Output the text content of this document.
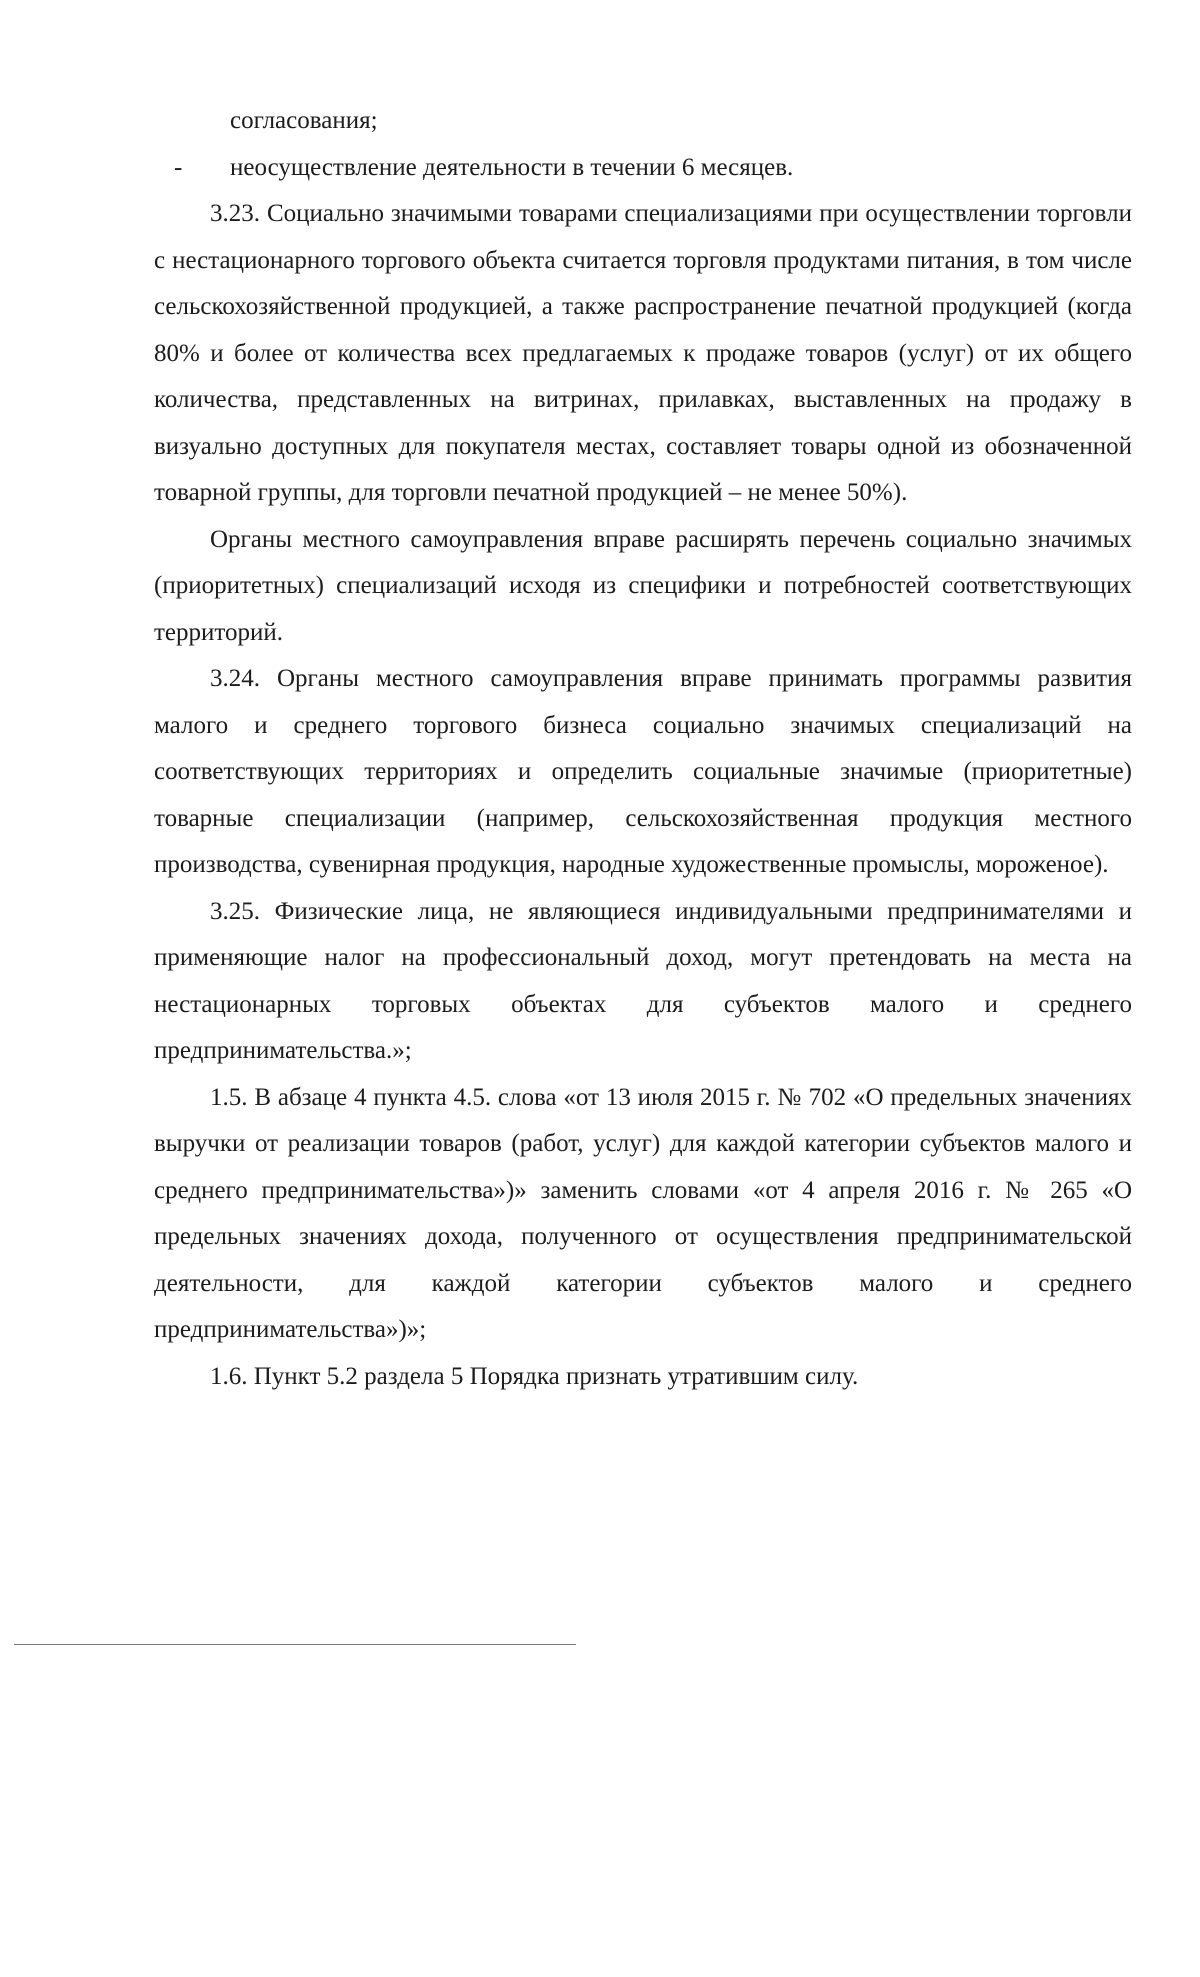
согласования;

- неосуществление деятельности в течении 6 месяцев.

3.23. Социально значимыми товарами специализациями при осуществлении торговли с нестационарного торгового объекта считается торговля продуктами питания, в том числе сельскохозяйственной продукцией, а также распространение печатной продукцией (когда 80% и более от количества всех предлагаемых к продаже товаров (услуг) от их общего количества, представленных на витринах, прилавках, выставленных на продажу в визуально доступных для покупателя местах, составляет товары одной из обозначенной товарной группы, для торговли печатной продукцией – не менее 50%).

Органы местного самоуправления вправе расширять перечень социально значимых (приоритетных) специализаций исходя из специфики и потребностей соответствующих территорий.

3.24. Органы местного самоуправления вправе принимать программы развития малого и среднего торгового бизнеса социально значимых специализаций на соответствующих территориях и определить социальные значимые (приоритетные) товарные специализации (например, сельскохозяйственная продукция местного производства, сувенирная продукция, народные художественные промыслы, мороженое).

3.25. Физические лица, не являющиеся индивидуальными предпринимателями и применяющие налог на профессиональный доход, могут претендовать на места на нестационарных торговых объектах для субъектов малого и среднего предпринимательства.»;

1.5. В абзаце 4 пункта 4.5. слова «от 13 июля 2015 г. № 702 «О предельных значениях выручки от реализации товаров (работ, услуг) для каждой категории субъектов малого и среднего предпринимательства»)» заменить словами «от 4 апреля 2016 г. № 265 «О предельных значениях дохода, полученного от осуществления предпринимательской деятельности, для каждой категории субъектов малого и среднего предпринимательства»)»;

1.6. Пункт 5.2 раздела 5 Порядка признать утратившим силу.
